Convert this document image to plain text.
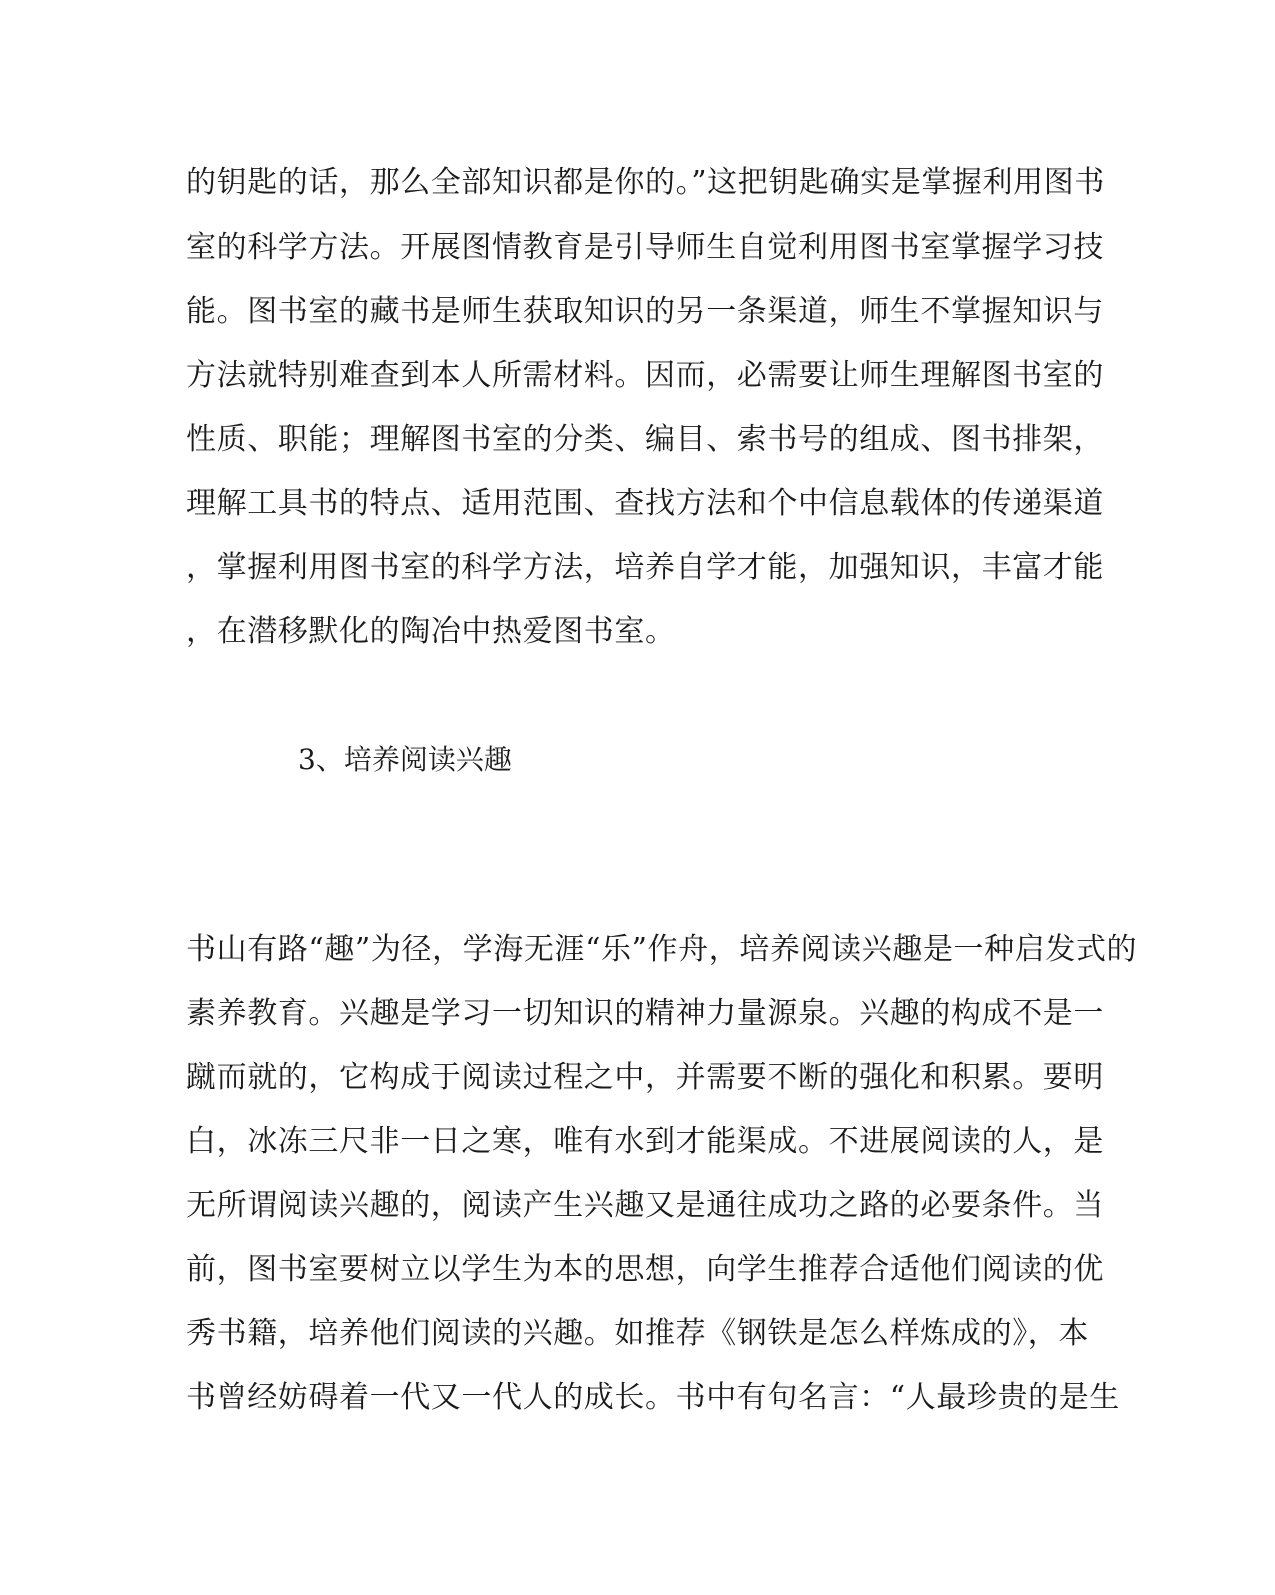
的钥匙的话，那么全部知识都是你的。”这把钥匙确实是掌握利用图书
室的科学方法。开展图情教育是引导师生自觉利用图书室掌握学习技
能。图书室的藏书是师生获取知识的另一条渠道，师生不掌握知识与
方法就特别难查到本人所需材料。因而，必需要让师生理解图书室的
性质、职能；理解图书室的分类、编目、索书号的组成、图书排架，
理解工具书的特点、适用范围、查找方法和个中信息载体的传递渠道
，掌握利用图书室的科学方法，培养自学才能，加强知识，丰富才能
，在潜移默化的陶冶中热爱图书室。
3、培养阅读兴趣
书山有路“趣”为径，学海无涯“乐”作舟，培养阅读兴趣是一种启发式的
素养教育。兴趣是学习一切知识的精神力量源泉。兴趣的构成不是一
蹴而就的，它构成于阅读过程之中，并需要不断的强化和积累。要明
白，冰冻三尺非一日之寒，唯有水到才能渠成。不进展阅读的人，是
无所谓阅读兴趣的，阅读产生兴趣又是通往成功之路的必要条件。当
前，图书室要树立以学生为本的思想，向学生推荐合适他们阅读的优
秀书籍，培养他们阅读的兴趣。如推荐《钢铁是怎么样炼成的》，本
书曾经妨碍着一代又一代人的成长。书中有句名言：“人最珍贵的是生
